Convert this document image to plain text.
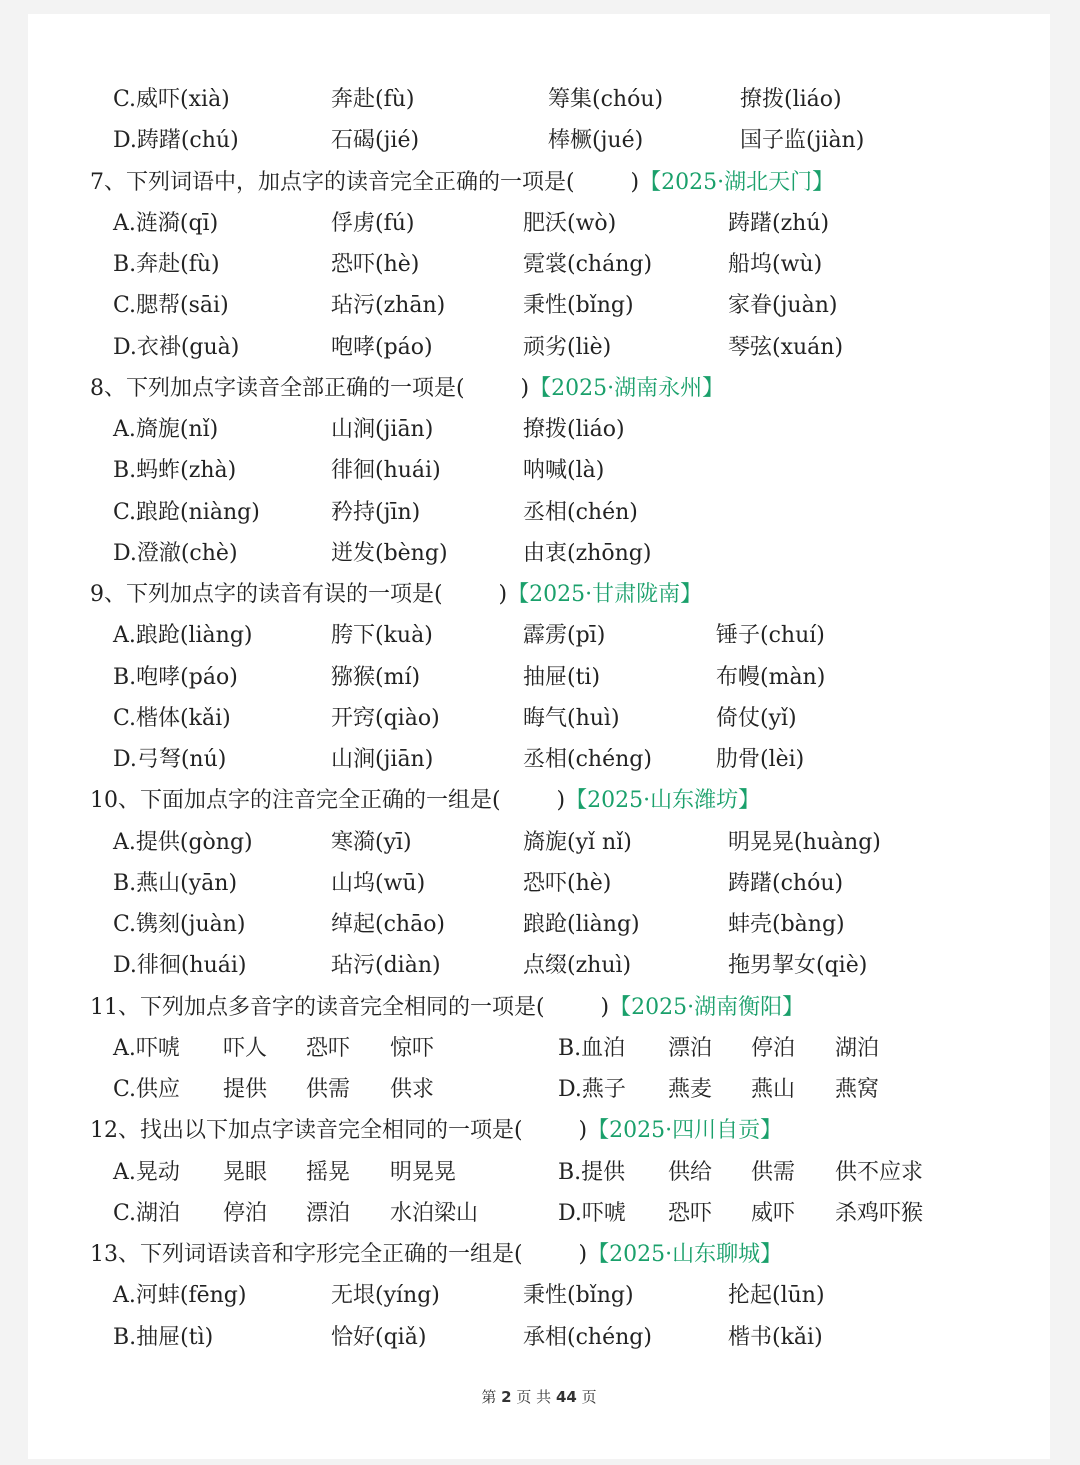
C.威吓(xià)	奔赴(fù)	筹集(chóu)	撩拨(liáo)
D.踌躇(chú)	石碣(jié)	棒橛(jué)	国子监(jiàn)
7、下列词语中，加点字的读音完全正确的一项是(        )【2025·湖北天门】
A.涟漪(qī)	俘虏(fú)	肥沃(wò)	踌躇(zhú)
B.奔赴(fù)	恐吓(hè)	霓裳(cháng)	船坞(wù)
C.腮帮(sāi)	玷污(zhān)	秉性(bǐng)	家眷(juàn)
D.衣褂(guà)	咆哮(páo)	顽劣(liè)	琴弦(xuán)
8、下列加点字读音全部正确的一项是(        )【2025·湖南永州】
A.旖旎(nǐ)	山涧(jiān)	撩拨(liáo)
B.蚂蚱(zhà)	徘徊(huái)	呐喊(là)
C.踉跄(niàng)	矜持(jīn)	丞相(chén)
D.澄澈(chè)	迸发(bèng)	由衷(zhōng)
9、下列加点字的读音有误的一项是(        )【2025·甘肃陇南】
A.踉跄(liàng)	胯下(kuà)	霹雳(pī)	锤子(chuí)
B.咆哮(páo)	猕猴(mí)	抽屉(ti)	布幔(màn)
C.楷体(kǎi)	开窍(qiào)	晦气(huì)	倚仗(yǐ)
D.弓弩(nú)	山涧(jiān)	丞相(chéng)	肋骨(lèi)
10、下面加点字的注音完全正确的一组是(        )【2025·山东潍坊】
A.提供(gòng)	寒漪(yī)	旖旎(yǐ nǐ)	明晃晃(huàng)
B.燕山(yān)	山坞(wū)	恐吓(hè)	踌躇(chóu)
C.镌刻(juàn)	绰起(chāo)	踉跄(liàng)	蚌壳(bàng)
D.徘徊(huái)	玷污(diàn)	点缀(zhuì)	拖男挈女(qiè)
11、下列加点多音字的读音完全相同的一项是(        )【2025·湖南衡阳】
A.吓唬 吓人 恐吓 惊吓	B.血泊 漂泊 停泊 湖泊
C.供应 提供 供需 供求	D.燕子 燕麦 燕山 燕窝
12、找出以下加点字读音完全相同的一项是(        )【2025·四川自贡】
A.晃动 晃眼 摇晃 明晃晃	B.提供 供给 供需 供不应求
C.湖泊 停泊 漂泊 水泊梁山	D.吓唬 恐吓 威吓 杀鸡吓猴
13、下列词语读音和字形完全正确的一组是(        )【2025·山东聊城】
A.河蚌(fēng)	无垠(yíng)	秉性(bǐng)	抡起(lūn)
B.抽屉(tì)	恰好(qiǎ)	承相(chéng)	楷书(kǎi)
第 2 页 共 44 页
